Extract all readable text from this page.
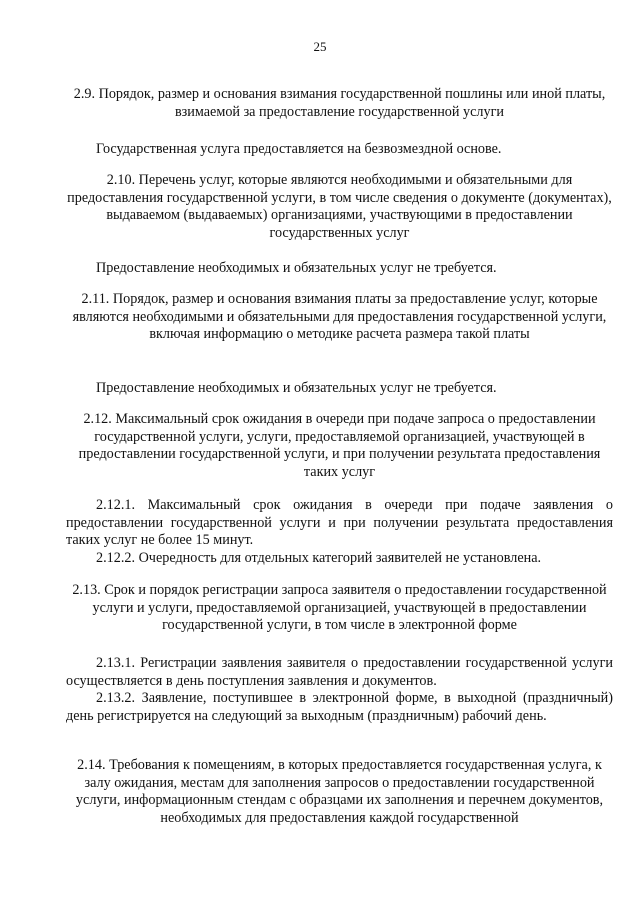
25

2.9. Порядок, размер и основания взимания государственной пошлины или иной платы, взимаемой за предоставление государственной услуги

Государственная услуга предоставляется на безвозмездной основе.

2.10. Перечень услуг, которые являются необходимыми и обязательными для предоставления государственной услуги, в том числе сведения о документе (документах), выдаваемом (выдаваемых) организациями, участвующими в предоставлении государственных услуг

Предоставление необходимых и обязательных услуг не требуется.

2.11. Порядок, размер и основания взимания платы за предоставление услуг, которые являются необходимыми и обязательными для предоставления государственной услуги, включая информацию о методике расчета размера такой платы

Предоставление необходимых и обязательных услуг не требуется.

2.12. Максимальный срок ожидания в очереди при подаче запроса о предоставлении государственной услуги, услуги, предоставляемой организацией, участвующей в предоставлении государственной услуги, и при получении результата предоставления таких услуг

2.12.1. Максимальный срок ожидания в очереди при подаче заявления о предоставлении государственной услуги и при получении результата предоставления таких услуг не более 15 минут.

2.12.2. Очередность для отдельных категорий заявителей не установлена.

2.13. Срок и порядок регистрации запроса заявителя о предоставлении государственной услуги и услуги, предоставляемой организацией, участвующей в предоставлении государственной услуги, в том числе в электронной форме

2.13.1. Регистрации заявления заявителя о предоставлении государственной услуги осуществляется в день поступления заявления и документов.

2.13.2. Заявление, поступившее в электронной форме, в выходной (праздничный) день регистрируется на следующий за выходным (праздничным) рабочий день.

2.14. Требования к помещениям, в которых предоставляется государственная услуга, к залу ожидания, местам для заполнения запросов о предоставлении государственной услуги, информационным стендам с образцами их заполнения и перечнем документов, необходимых для предоставления каждой государственной
